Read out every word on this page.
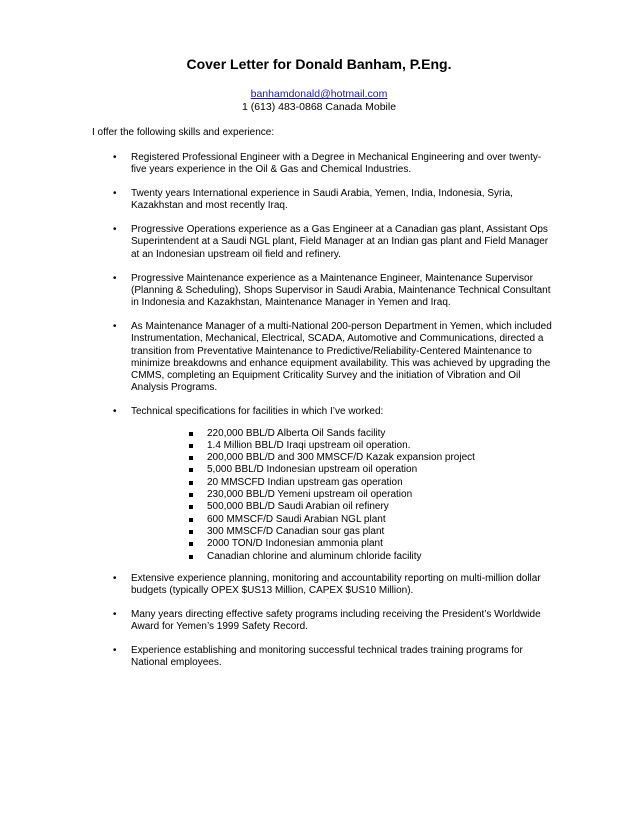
Cover Letter for Donald Banham, P.Eng.
banhamdonald@hotmail.com
1 (613) 483-0868 Canada Mobile
I offer the following skills and experience:
• Registered Professional Engineer with a Degree in Mechanical Engineering and over twenty-five years experience in the Oil & Gas and Chemical Industries.
• Twenty years International experience in Saudi Arabia, Yemen, India, Indonesia, Syria, Kazakhstan and most recently Iraq.
• Progressive Operations experience as a Gas Engineer at a Canadian gas plant, Assistant Ops Superintendent at a Saudi NGL plant, Field Manager at an Indian gas plant and Field Manager at an Indonesian upstream oil field and refinery.
• Progressive Maintenance experience as a Maintenance Engineer, Maintenance Supervisor (Planning & Scheduling), Shops Supervisor in Saudi Arabia, Maintenance Technical Consultant in Indonesia and Kazakhstan, Maintenance Manager in Yemen and Iraq.
• As Maintenance Manager of a multi-National 200-person Department in Yemen, which included Instrumentation, Mechanical, Electrical, SCADA, Automotive and Communications, directed a transition from Preventative Maintenance to Predictive/Reliability-Centered Maintenance to minimize breakdowns and enhance equipment availability. This was achieved by upgrading the CMMS, completing an Equipment Criticality Survey and the initiation of Vibration and Oil Analysis Programs.
• Technical specifications for facilities in which I’ve worked:
220,000 BBL/D Alberta Oil Sands facility
1.4 Million BBL/D Iraqi upstream oil operation.
200,000 BBL/D and 300 MMSCF/D Kazak expansion project
5,000 BBL/D Indonesian upstream oil operation
20 MMSCFD Indian upstream gas operation
230,000 BBL/D Yemeni upstream oil operation
500,000 BBL/D Saudi Arabian oil refinery
600 MMSCF/D Saudi Arabian NGL plant
300 MMSCF/D Canadian sour gas plant
2000 TON/D Indonesian ammonia plant
Canadian chlorine and aluminum chloride facility
• Extensive experience planning, monitoring and accountability reporting on multi-million dollar budgets (typically OPEX $US13 Million, CAPEX $US10 Million).
• Many years directing effective safety programs including receiving the President’s Worldwide Award for Yemen’s 1999 Safety Record.
• Experience establishing and monitoring successful technical trades training programs for National employees.
